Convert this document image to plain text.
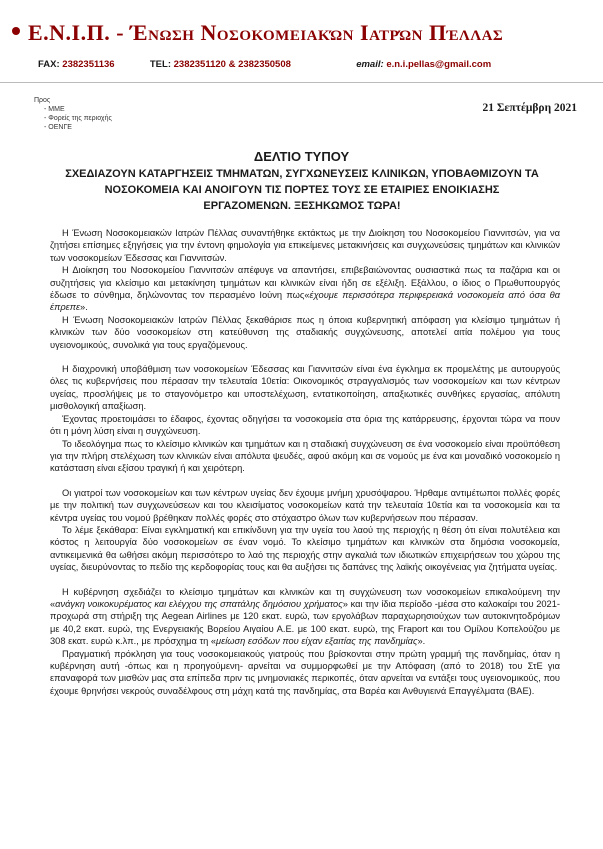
Ε.Ν.Ι.Π. - Ένωση Νοσοκομειακών Ιατρών Πέλλας
FAX: 2382351136	TEL: 2382351120 & 2382350508	email: e.n.i.pellas@gmail.com
Προς
- ΜΜΕ
- Φορείς της περιοχής
- ΟΕΝΓΕ
21 Σεπτέμβρη 2021
ΔΕΛΤΙΟ ΤΥΠΟΥ
ΣΧΕΔΙΑΖΟΥΝ ΚΑΤΑΡΓΗΣΕΙΣ ΤΜΗΜΑΤΩΝ, ΣΥΓΧΩΝΕΥΣΕΙΣ ΚΛΙΝΙΚΩΝ, ΥΠΟΒΑΘΜΙΖΟΥΝ ΤΑ ΝΟΣΟΚΟΜΕΙΑ ΚΑΙ ΑΝΟΙΓΟΥΝ ΤΙΣ ΠΟΡΤΕΣ ΤΟΥΣ ΣΕ ΕΤΑΙΡΙΕΣ ΕΝΟΙΚΙΑΣΗΣ ΕΡΓΑΖΟΜΕΝΩΝ. ΞΕΣΗΚΩΜΟΣ ΤΩΡΑ!

Η Ένωση Νοσοκομειακών Ιατρών Πέλλας συναντήθηκε εκτάκτως με την Διοίκηση του Νοσοκομείου Γιαννιτσών, για να ζητήσει επίσημες εξηγήσεις για την έντονη φημολογία για επικείμενες μετακινήσεις και συγχωνεύσεις τμημάτων και κλινικών των νοσοκομείων Έδεσσας και Γιαννιτσών.

Η Διοίκηση του Νοσοκομείου Γιαννιτσών απέφυγε να απαντήσει, επιβεβαιώνοντας ουσιαστικά πως τα παζάρια και οι συζητήσεις για κλείσιμο και μετακίνηση τμημάτων και κλινικών είναι ήδη σε εξέλιξη. Εξάλλου, ο ίδιος ο Πρωθυπουργός έδωσε το σύνθημα, δηλώνοντας τον περασμένο Ιούνη πως«έχουμε περισσότερα περιφερειακά νοσοκομεία από όσα θα έπρεπε».

Η Ένωση Νοσοκομειακών Ιατρών Πέλλας ξεκαθάρισε πως η όποια κυβερνητική απόφαση για κλείσιμο τμημάτων ή κλινικών των δύο νοσοκομείων στη κατεύθυνση της σταδιακής συγχώνευσης, αποτελεί αιτία πολέμου για τους υγειονομικούς, συνολικά για τους εργαζόμενους.

Η διαχρονική υποβάθμιση των νοσοκομείων Έδεσσας και Γιαννιτσών είναι ένα έγκλημα εκ προμελέτης με αυτουργούς όλες τις κυβερνήσεις που πέρασαν την τελευταία 10ετία: Οικονομικός στραγγαλισμός των νοσοκομείων και των κέντρων υγείας, προσλήψεις με το σταγονόμετρο και υποστελέχωση, εντατικοποίηση, απαξιωτικές συνθήκες εργασίας, απόλυτη μισθολογική απαξίωση.

Έχοντας προετοιμάσει το έδαφος, έχοντας οδηγήσει τα νοσοκομεία στα όρια της κατάρρευσης, έρχονται τώρα να πουν ότι η μόνη λύση είναι η συγχώνευση.

Το ιδεολόγημα πως το κλείσιμο κλινικών και τμημάτων και η σταδιακή συγχώνευση σε ένα νοσοκομείο είναι προϋπόθεση για την πλήρη στελέχωση των κλινικών είναι απόλυτα ψευδές, αφού ακόμη και σε νομούς με ένα και μοναδικό νοσοκομείο η κατάσταση είναι εξίσου τραγική ή και χειρότερη.

Οι γιατροί των νοσοκομείων και των κέντρων υγείας δεν έχουμε μνήμη χρυσόψαρου. Ήρθαμε αντιμέτωποι πολλές φορές με την πολιτική των συγχωνεύσεων και του κλεισίματος νοσοκομείων κατά την τελευταία 10ετία και τα νοσοκομεία και τα κέντρα υγείας του νομού βρέθηκαν πολλές φορές στο στόχαστρο όλων των κυβερνήσεων που πέρασαν.

Το λέμε ξεκάθαρα: Είναι εγκληματική και επικίνδυνη για την υγεία του λαού της περιοχής η θέση ότι είναι πολυτέλεια και κόστος η λειτουργία δύο νοσοκομείων σε έναν νομό. Το κλείσιμο τμημάτων και κλινικών στα δημόσια νοσοκομεία, αντικειμενικά θα ωθήσει ακόμη περισσότερο το λαό της περιοχής στην αγκαλιά των ιδιωτικών επιχειρήσεων του χώρου της υγείας, διευρύνοντας το πεδίο της κερδοφορίας τους και θα αυξήσει τις δαπάνες της λαϊκής οικογένειας για ζητήματα υγείας.

Η κυβέρνηση σχεδιάζει το κλείσιμο τμημάτων και κλινικών και τη συγχώνευση των νοσοκομείων επικαλούμενη την «ανάγκη νοικοκυρέματος και ελέγχου της σπατάλης δημόσιου χρήματος» και την ίδια περίοδο -μέσα στο καλοκαίρι του 2021- προχωρά στη στήριξη της Aegean Airlines με 120 εκατ. ευρώ, των εργολάβων παραχωρησιούχων των αυτοκινητοδρόμων με 40,2 εκατ. ευρώ, της Ενεργειακής Βορείου Αιγαίου Α.Ε. με 100 εκατ. ευρώ, της Fraport και του Ομίλου Κοπελούζου με 308 εκατ. ευρώ κ.λπ., με πρόσχημα τη «μείωση εσόδων που είχαν εξαιτίας της πανδημίας».

Πραγματική πρόκληση για τους νοσοκομειακούς γιατρούς που βρίσκονται στην πρώτη γραμμή της πανδημίας, όταν η κυβέρνηση αυτή -όπως και η προηγούμενη- αρνείται να συμμορφωθεί με την Απόφαση (από το 2018) του ΣτΕ για επαναφορά των μισθών μας στα επίπεδα πριν τις μνημονιακές περικοπές, όταν αρνείται να εντάξει τους υγειονομικούς, που έχουμε θρηνήσει νεκρούς συναδέλφους στη μάχη κατά της πανδημίας, στα Βαρέα και Ανθυγιεινά Επαγγέλματα (ΒΑΕ).
